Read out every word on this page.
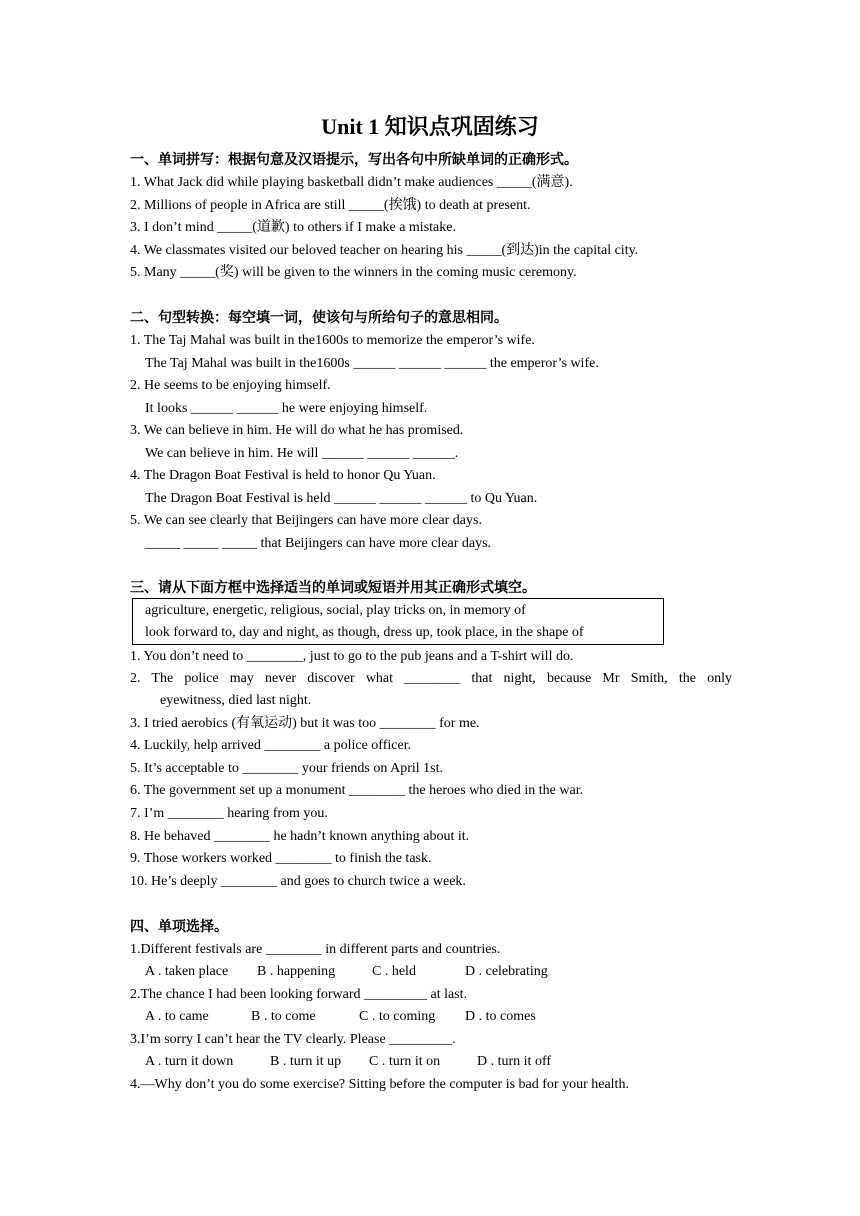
Unit 1 知识点巩固练习
一、单词拼写：根据句意及汉语提示，写出各句中所缺单词的正确形式。
1. What Jack did while playing basketball didn’t make audiences _____(满意).
2. Millions of people in Africa are still _____(挨饿) to death at present.
3. I don’t mind _____(道歉) to others if I make a mistake.
4. We classmates visited our beloved teacher on hearing his _____(到达)in the capital city.
5. Many _____(奖) will be given to the winners in the coming music ceremony.
二、句型转换：每空填一词，使该句与所给句子的意思相同。
1. The Taj Mahal was built in the1600s to memorize the emperor’s wife.
The Taj Mahal was built in the1600s ______ ______ ______ the emperor’s wife.
2. He seems to be enjoying himself.
It looks ______ ______ he were enjoying himself.
3. We can believe in him. He will do what he has promised.
We can believe in him. He will ______ ______ ______.
4. The Dragon Boat Festival is held to honor Qu Yuan.
The Dragon Boat Festival is held ______ ______ ______ to Qu Yuan.
5. We can see clearly that Beijingers can have more clear days.
_____ _____ _____ that Beijingers can have more clear days.
三、请从下面方框中选择适当的单词或短语并用其正确形式填空。
agriculture, energetic, religious, social, play tricks on, in memory of
look forward to, day and night, as though, dress up, took place, in the shape of
1. You don’t need to ________, just to go to the pub jeans and a T-shirt will do.
2. The police may never discover what ________ that night, because Mr Smith, the only
eyewitness, died last night.
3. I tried aerobics (有氧运动) but it was too ________ for me.
4. Luckily, help arrived ________ a police officer.
5. It’s acceptable to ________ your friends on April 1st.
6. The government set up a monument ________ the heroes who died in the war.
7. I’m ________ hearing from you.
8. He behaved ________ he hadn’t known anything about it.
9. Those workers worked ________ to finish the task.
10. He’s deeply ________ and goes to church twice a week.
四、单项选择。
1.Different festivals are ________ in different parts and countries.
A . taken place B . happening	C . held	D . celebrating
2.The chance I had been looking forward _________ at last.
A . to came	B . to come	C . to coming D . to comes
3.I’m sorry I can’t hear the TV clearly. Please _________.
A . turn it down	B . turn it up C . turn it on	D . turn it off
4.—Why don’t you do some exercise? Sitting before the computer is bad for your health.
